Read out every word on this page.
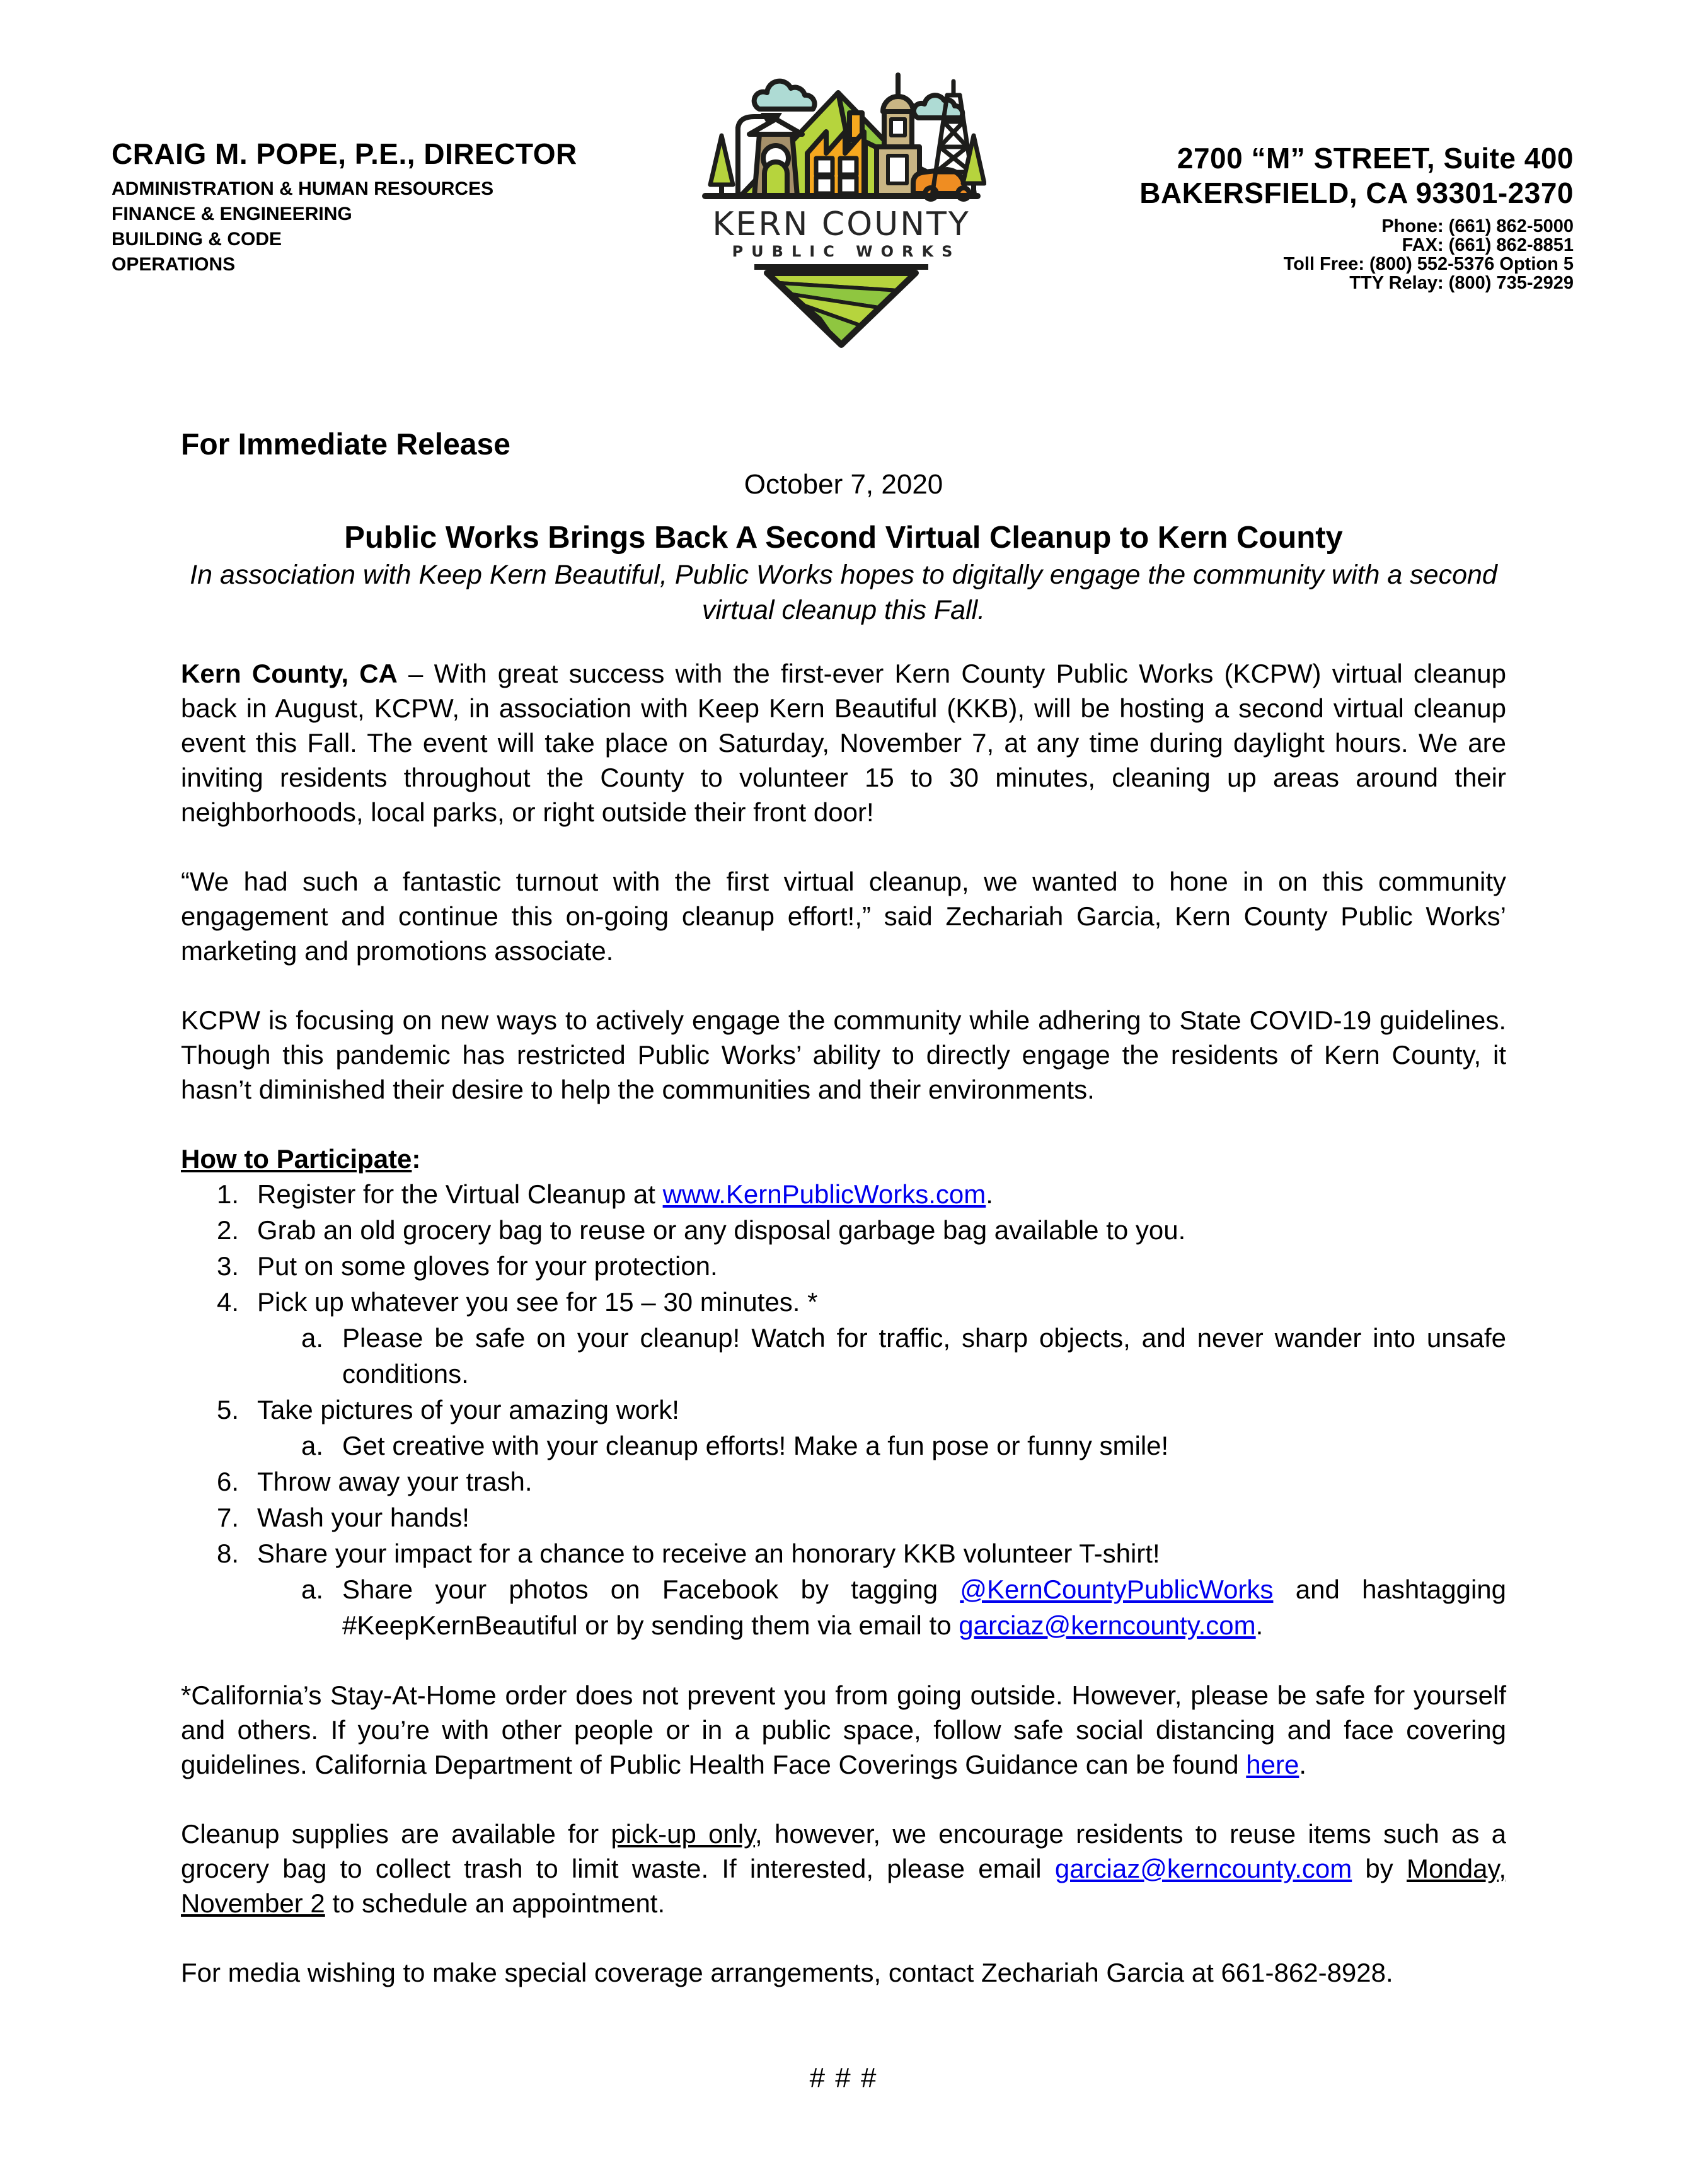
CRAIG M. POPE, P.E., DIRECTOR
ADMINISTRATION & HUMAN RESOURCES
FINANCE & ENGINEERING
BUILDING & CODE
OPERATIONS
KERN COUNTY
PUBLIC WORKS
2700 “M” STREET, Suite 400
BAKERSFIELD, CA 93301-2370
Phone: (661) 862-5000
FAX: (661) 862-8851
Toll Free: (800) 552-5376 Option 5
TTY Relay: (800) 735-2929

For Immediate Release

October 7, 2020

Public Works Brings Back A Second Virtual Cleanup to Kern County

In association with Keep Kern Beautiful, Public Works hopes to digitally engage the community with a second virtual cleanup this Fall.

Kern County, CA – With great success with the first-ever Kern County Public Works (KCPW) virtual cleanup back in August, KCPW, in association with Keep Kern Beautiful (KKB), will be hosting a second virtual cleanup event this Fall. The event will take place on Saturday, November 7, at any time during daylight hours. We are inviting residents throughout the County to volunteer 15 to 30 minutes, cleaning up areas around their neighborhoods, local parks, or right outside their front door!

“We had such a fantastic turnout with the first virtual cleanup, we wanted to hone in on this community engagement and continue this on-going cleanup effort!,” said Zechariah Garcia, Kern County Public Works’ marketing and promotions associate.

KCPW is focusing on new ways to actively engage the community while adhering to State COVID-19 guidelines. Though this pandemic has restricted Public Works’ ability to directly engage the residents of Kern County, it hasn’t diminished their desire to help the communities and their environments.

How to Participate:

1. Register for the Virtual Cleanup at www.KernPublicWorks.com.
2. Grab an old grocery bag to reuse or any disposal garbage bag available to you.
3. Put on some gloves for your protection.
4. Pick up whatever you see for 15 – 30 minutes. *
a. Please be safe on your cleanup! Watch for traffic, sharp objects, and never wander into unsafe conditions.
5. Take pictures of your amazing work!
a. Get creative with your cleanup efforts! Make a fun pose or funny smile!
6. Throw away your trash.
7. Wash your hands!
8. Share your impact for a chance to receive an honorary KKB volunteer T-shirt!
a. Share your photos on Facebook by tagging @KernCountyPublicWorks and hashtagging #KeepKernBeautiful or by sending them via email to garciaz@kerncounty.com.

*California’s Stay-At-Home order does not prevent you from going outside. However, please be safe for yourself and others. If you’re with other people or in a public space, follow safe social distancing and face covering guidelines. California Department of Public Health Face Coverings Guidance can be found here.

Cleanup supplies are available for pick-up only, however, we encourage residents to reuse items such as a grocery bag to collect trash to limit waste. If interested, please email garciaz@kerncounty.com by Monday, November 2 to schedule an appointment.

For media wishing to make special coverage arrangements, contact Zechariah Garcia at 661-862-8928.

# # #
